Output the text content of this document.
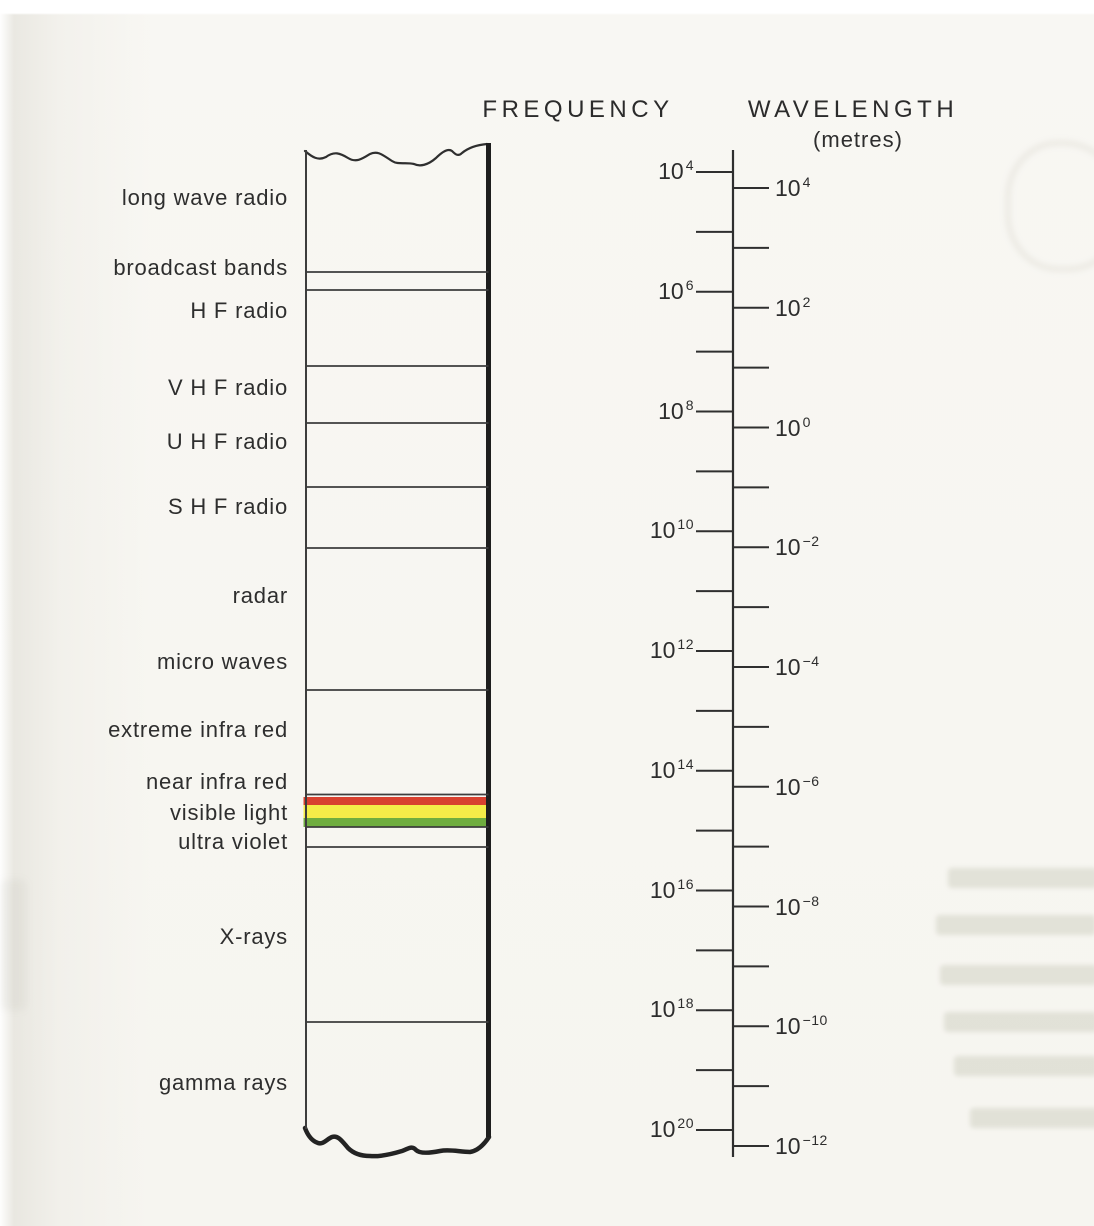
FREQUENCY	WAVELENGTH
(metres)
long wave radio
broadcast bands
H F radio
V H F radio
U H F radio
S H F radio
radar
micro waves
extreme infra red
near infra red
visible light
ultra violet
X-rays
gamma rays
10 $^4$
10 $^4$
10 $^6$
10 $^2$
10 $^8$
10 $^0$
10 $^{10}$
10 $^{-2}$
10 $^{12}$
10 $^{-4}$
10 $^{14}$
10 $^{-6}$
10 $^{16}$
10 $^{-8}$
10 $^{18}$
10 $^{-10}$
10 $^{20}$
10 $^{-12}$
